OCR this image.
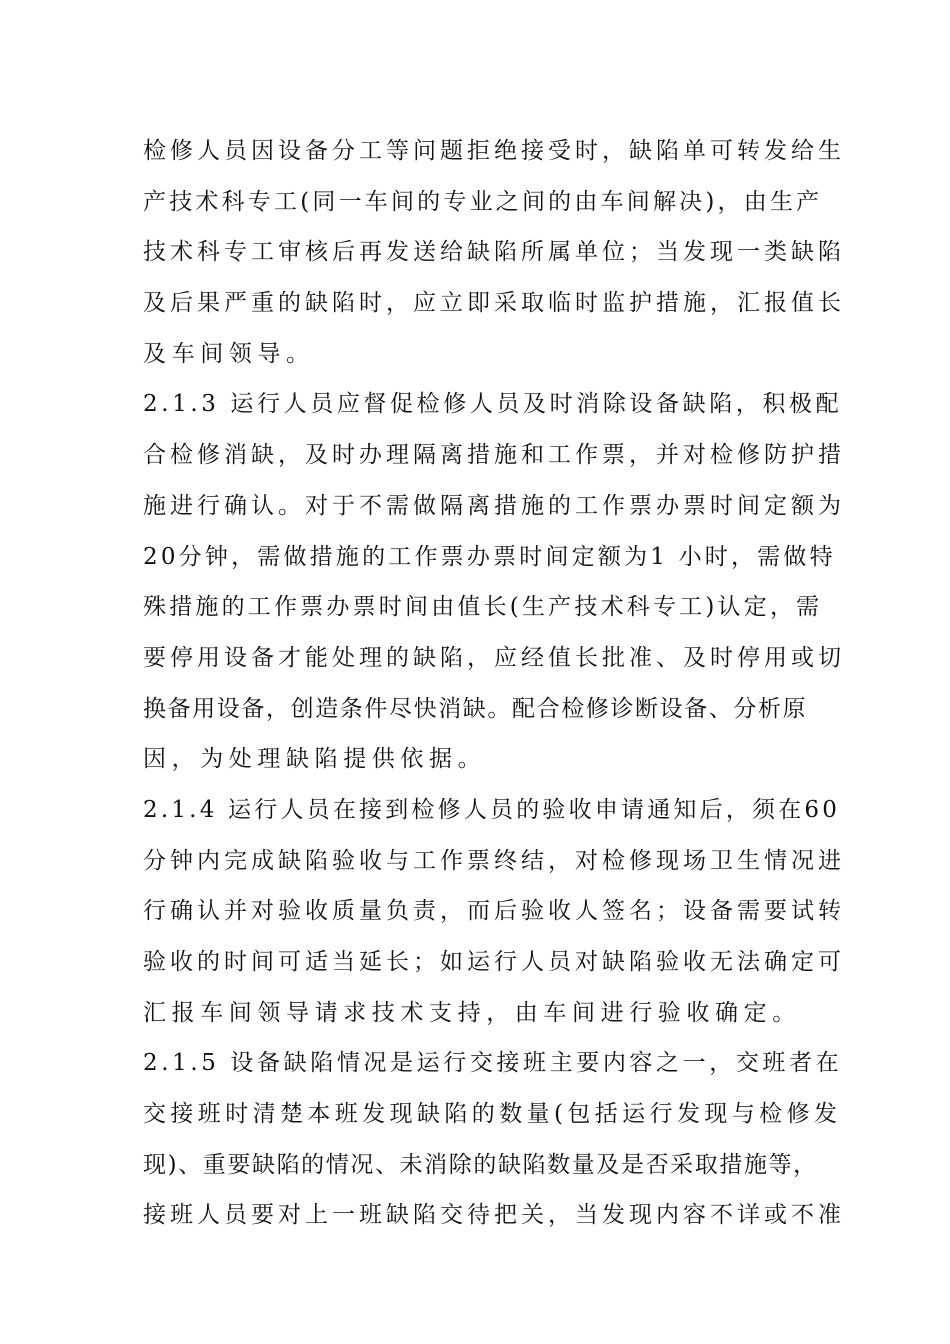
检修人员因设备分工等问题拒绝接受时，缺陷单可转发给生
产技术科专工(同一车间的专业之间的由车间解决)，由生产
技术科专工审核后再发送给缺陷所属单位；当发现一类缺陷
及后果严重的缺陷时，应立即采取临时监护措施，汇报值长
及车间领导。
2.1.3 运行人员应督促检修人员及时消除设备缺陷，积极配
合检修消缺，及时办理隔离措施和工作票，并对检修防护措
施进行确认。对于不需做隔离措施的工作票办票时间定额为
20分钟，需做措施的工作票办票时间定额为1 小时，需做特
殊措施的工作票办票时间由值长(生产技术科专工)认定，需
要停用设备才能处理的缺陷，应经值长批准、及时停用或切
换备用设备，创造条件尽快消缺。配合检修诊断设备、分析原
因，为处理缺陷提供依据。
2.1.4 运行人员在接到检修人员的验收申请通知后，须在60
分钟内完成缺陷验收与工作票终结，对检修现场卫生情况进
行确认并对验收质量负责，而后验收人签名；设备需要试转
验收的时间可适当延长；如运行人员对缺陷验收无法确定可
汇报车间领导请求技术支持，由车间进行验收确定。
2.1.5 设备缺陷情况是运行交接班主要内容之一，交班者在
交接班时清楚本班发现缺陷的数量(包括运行发现与检修发
现)、重要缺陷的情况、未消除的缺陷数量及是否采取措施等，
接班人员要对上一班缺陷交待把关，当发现内容不详或不准
